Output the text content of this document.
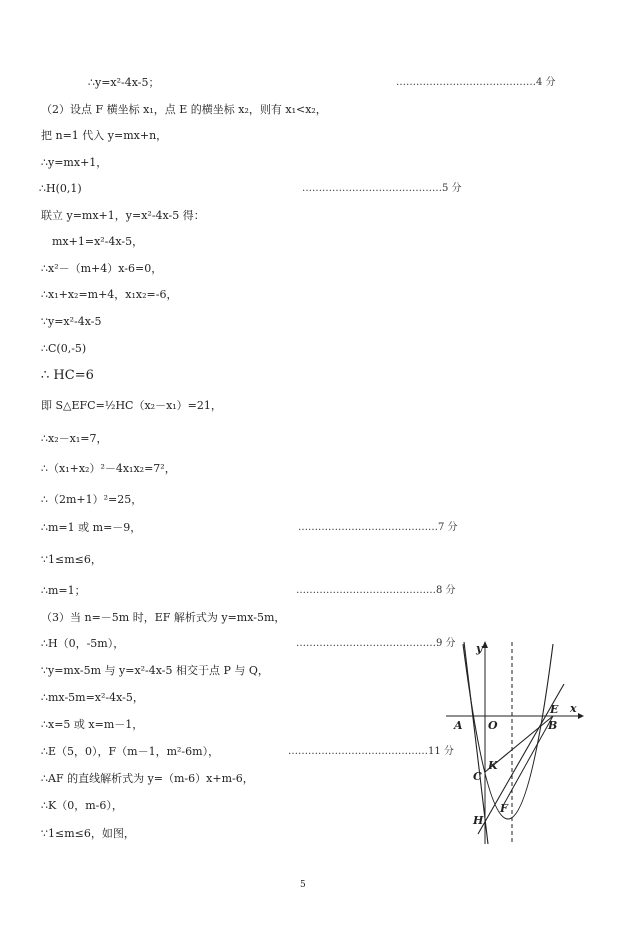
∴y=x²-4x-5；	……………………………………4 分
（2）设点 F 横坐标 x₁，点 E 的横坐标 x₂，则有 x₁<x₂，
把 n=1 代入 y=mx+n，
∴y=mx+1，
∴H(0,1)	……………………………………5 分
联立 y=mx+1，y=x²-4x-5 得：
mx+1=x²-4x-5，
∴x²－（m+4）x-6=0，
∴x₁+x₂=m+4，x₁x₂=-6，
∵y=x²-4x-5
∴C(0,-5)
∴ HC=6
即 S△EFC=½HC（x₂－x₁）=21，
∴x₂－x₁=7，
∴（x₁+x₂）²－4x₁x₂=7²，
∴（2m+1）²=25，
∴m=1 或 m=－9，	……………………………………7 分
∵1≤m≤6，
∴m=1；	……………………………………8 分
（3）当 n=－5m 时，EF 解析式为 y=mx-5m，
∴H（0，-5m），	……………………………………9 分
∵y=mx-5m 与 y=x²-4x-5 相交于点 P 与 Q，
∴mx-5m=x²-4x-5，
∴x=5 或 x=m－1，
∴E（5，0），F（m－1，m²-6m），	……………………………………11 分
∴AF 的直线解析式为 y=（m-6）x+m-6，
∴K（0，m-6），
∵1≤m≤6，如图，
y
x
A O	B
E
C
K
F
H
5
